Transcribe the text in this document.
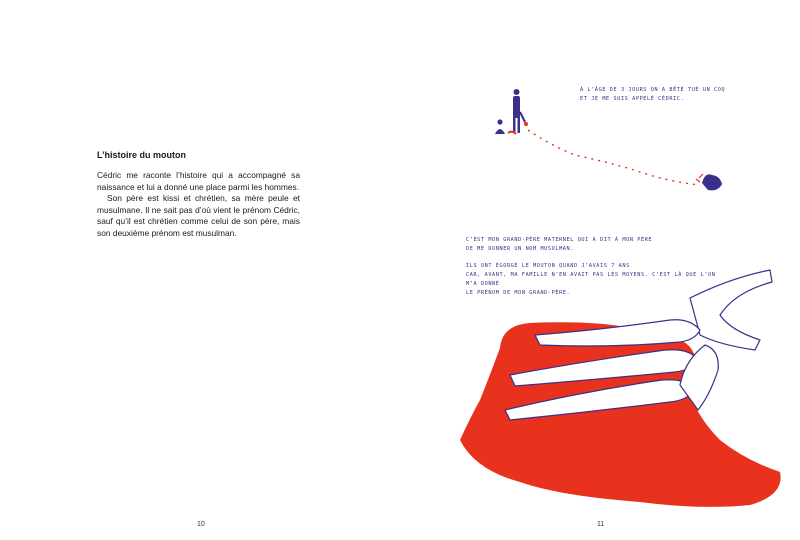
L’histoire du mouton

Cédric me raconte l’histoire qui a accompagné sa naissance et lui a donné une place parmi les hommes.

Son père est kissi et chrétien, sa mère peule et musulmane. Il ne sait pas d’où vient le prénom Cédric, sauf qu’il est chrétien comme celui de son père, mais son deuxième prénom est musulman.

10
À L’ÂGE DE 3 JOURS ON A BÊTÉ TUÉ UN COQ
ET JE ME SUIS APPELÉ CÉDRIC.
C’EST MON GRAND-PÈRE MATERNEL QUI A DIT À MON PÈRE
DE ME DONNER UN NOM MUSULMAN.
ILS ONT ÉGORGÉ LE MOUTON QUAND J’AVAIS 7 ANS
CAR, AVANT, MA FAMILLE N’EN AVAIT PAS LES MOYENS. C’EST LÀ QUE L’ON M’A DONNÉ
LE PRÉNOM DE MON GRAND-PÈRE.
11
